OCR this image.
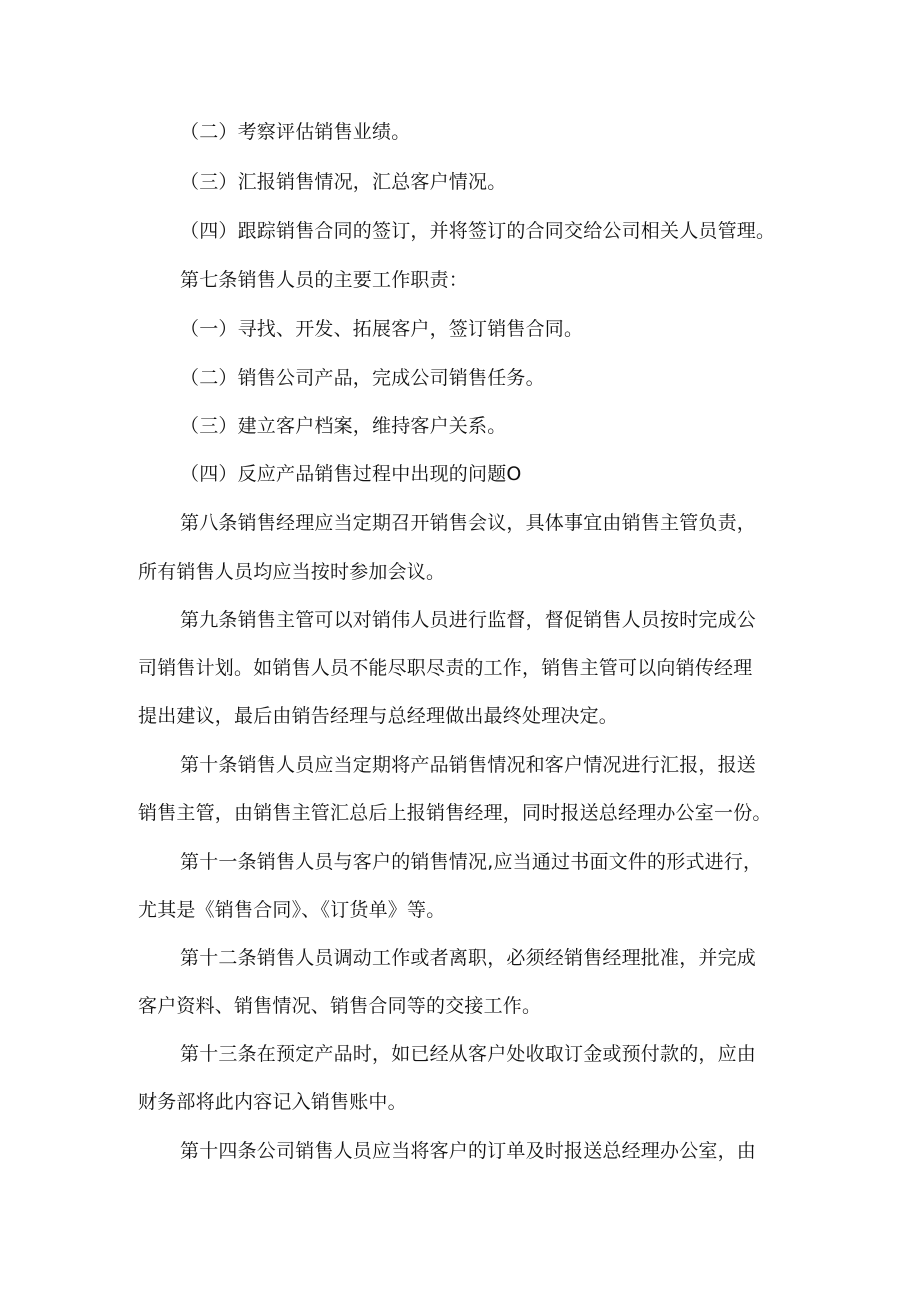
（二）考察评估销售业绩。
（三）汇报销售情况，汇总客户情况。
（四）跟踪销售合同的签订，并将签订的合同交给公司相关人员管理。
第七条销售人员的主要工作职责：
（一）寻找、开发、拓展客户，签订销售合同。
（二）销售公司产品，完成公司销售任务。
（三）建立客户档案，维持客户关系。
（四）反应产品销售过程中出现的问题O
第八条销售经理应当定期召开销售会议，具体事宜由销售主管负责，
所有销售人员均应当按时参加会议。
第九条销售主管可以对销伟人员进行监督，督促销售人员按时完成公
司销售计划。如销售人员不能尽职尽责的工作，销售主管可以向销传经理
提出建议，最后由销告经理与总经理做出最终处理决定。
第十条销售人员应当定期将产品销售情况和客户情况进行汇报，报送
销售主管，由销售主管汇总后上报销售经理，同时报送总经理办公室一份。
第十一条销售人员与客户的销售情况,应当通过书面文件的形式进行，
尤其是《销售合同》、《订货单》等。
第十二条销售人员调动工作或者离职，必须经销售经理批准，并完成
客户资料、销售情况、销售合同等的交接工作。
第十三条在预定产品时，如已经从客户处收取订金或预付款的，应由
财务部将此内容记入销售账中。
第十四条公司销售人员应当将客户的订单及时报送总经理办公室，由
